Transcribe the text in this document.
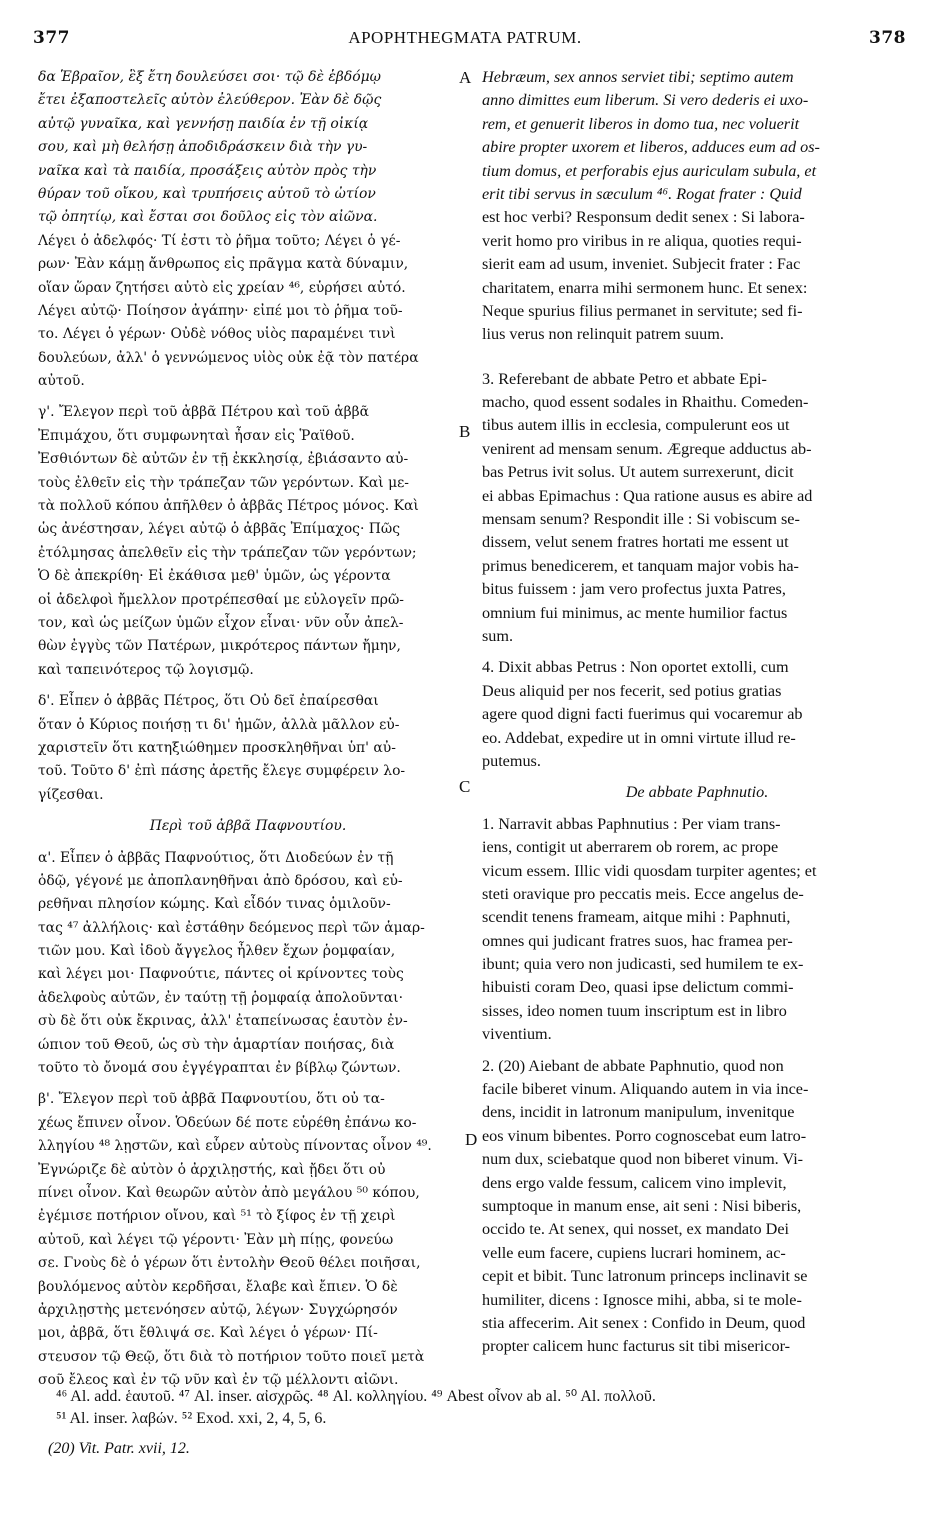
377	APOPHTHEGMATA PATRUM.	378
δα Ἑβραῖον, ἓξ ἔτη δουλεύσει σοι· τῷ δὲ ἑβδόμῳ
ἔτει ἐξαποστελεῖς αὐτὸν ἐλεύθερον. Ἐὰν δὲ δῷς
αὐτῷ γυναῖκα, καὶ γεννήσῃ παιδία ἐν τῇ οἰκίᾳ
σου, καὶ μὴ θελήσῃ ἀποδιδράσκειν διὰ τὴν γυ-
ναῖκα καὶ τὰ παιδία, προσάξεις αὐτὸν πρὸς τὴν
θύραν τοῦ οἴκου, καὶ τρυπήσεις αὐτοῦ τὸ ὠτίον
τῷ ὀπητίῳ, καὶ ἔσται σοι δοῦλος εἰς τὸν αἰῶνα.
Λέγει ὁ ἀδελφός· Τί ἐστι τὸ ῥῆμα τοῦτο; Λέγει ὁ γέ-
ρων· Ἐὰν κάμῃ ἄνθρωπος εἰς πρᾶγμα κατὰ δύναμιν,
οἵαν ὥραν ζητήσει αὐτὸ εἰς χρείαν ⁴⁶, εὑρήσει αὐτό.
Λέγει αὐτῷ· Ποίησον ἀγάπην· εἰπέ μοι τὸ ῥῆμα τοῦ-
το. Λέγει ὁ γέρων· Οὐδὲ νόθος υἱὸς παραμένει τινὶ
δουλεύων, ἀλλ' ὁ γεννώμενος υἱὸς οὐκ ἐᾷ τὸν πατέρα
αὐτοῦ.
γ'. Ἔλεγον περὶ τοῦ ἀββᾶ Πέτρου καὶ τοῦ ἀββᾶ
Ἐπιμάχου, ὅτι συμφωνηταὶ ἦσαν εἰς Ῥαϊθοῦ.
Ἐσθιόντων δὲ αὐτῶν ἐν τῇ ἐκκλησίᾳ, ἐβιάσαντο αὐ-
τοὺς ἐλθεῖν εἰς τὴν τράπεζαν τῶν γερόντων. Καὶ με-
τὰ πολλοῦ κόπου ἀπῆλθεν ὁ ἀββᾶς Πέτρος μόνος. Καὶ
ὡς ἀνέστησαν, λέγει αὐτῷ ὁ ἀββᾶς Ἐπίμαχος· Πῶς
ἐτόλμησας ἀπελθεῖν εἰς τὴν τράπεζαν τῶν γερόντων;
Ὁ δὲ ἀπεκρίθη· Εἰ ἐκάθισα μεθ' ὑμῶν, ὡς γέροντα
οἱ ἀδελφοὶ ἤμελλον προτρέπεσθαί με εὐλογεῖν πρῶ-
τον, καὶ ὡς μείζων ὑμῶν εἶχον εἶναι· νῦν οὖν ἀπελ-
θὼν ἐγγὺς τῶν Πατέρων, μικρότερος πάντων ἤμην,
καὶ ταπεινότερος τῷ λογισμῷ.
δ'. Εἶπεν ὁ ἀββᾶς Πέτρος, ὅτι Οὐ δεῖ ἐπαίρεσθαι
ὅταν ὁ Κύριος ποιήσῃ τι δι' ἡμῶν, ἀλλὰ μᾶλλον εὐ-
χαριστεῖν ὅτι κατηξιώθημεν προσκληθῆναι ὑπ' αὐ-
τοῦ. Τοῦτο δ' ἐπὶ πάσης ἀρετῆς ἔλεγε συμφέρειν λο-
γίζεσθαι.
Περὶ τοῦ ἀββᾶ Παφνουτίου.
α'. Εἶπεν ὁ ἀββᾶς Παφνούτιος, ὅτι Διοδεύων ἐν τῇ
ὁδῷ, γέγονέ με ἀποπλανηθῆναι ἀπὸ δρόσου, καὶ εὑ-
ρεθῆναι πλησίον κώμης. Καὶ εἶδόν τινας ὁμιλοῦν-
τας ⁴⁷ ἀλλήλοις· καὶ ἐστάθην δεόμενος περὶ τῶν ἁμαρ-
τιῶν μου. Καὶ ἰδοὺ ἄγγελος ἦλθεν ἔχων ῥομφαίαν,
καὶ λέγει μοι· Παφνούτιε, πάντες οἱ κρίνοντες τοὺς
ἀδελφοὺς αὐτῶν, ἐν ταύτῃ τῇ ῥομφαίᾳ ἀπολοῦνται·
σὺ δὲ ὅτι οὐκ ἔκρινας, ἀλλ' ἐταπείνωσας ἑαυτὸν ἐν-
ώπιον τοῦ Θεοῦ, ὡς σὺ τὴν ἁμαρτίαν ποιήσας, διὰ
τοῦτο τὸ ὄνομά σου ἐγγέγραπται ἐν βίβλῳ ζώντων.
β'. Ἔλεγον περὶ τοῦ ἀββᾶ Παφνουτίου, ὅτι οὐ τα-
χέως ἔπινεν οἶνον. Ὁδεύων δέ ποτε εὑρέθη ἐπάνω κο-
λληγίου ⁴⁸ λῃστῶν, καὶ εὗρεν αὐτοὺς πίνοντας οἶνον ⁴⁹.
Ἐγνώριζε δὲ αὐτὸν ὁ ἀρχιλῃστής, καὶ ᾔδει ὅτι οὐ
πίνει οἶνον. Καὶ θεωρῶν αὐτὸν ἀπὸ μεγάλου ⁵⁰ κόπου,
ἐγέμισε ποτήριον οἴνου, καὶ ⁵¹ τὸ ξίφος ἐν τῇ χειρὶ
αὐτοῦ, καὶ λέγει τῷ γέροντι· Ἐὰν μὴ πίῃς, φονεύω
σε. Γνοὺς δὲ ὁ γέρων ὅτι ἐντολὴν Θεοῦ θέλει ποιῆσαι,
βουλόμενος αὐτὸν κερδῆσαι, ἔλαβε καὶ ἔπιεν. Ὁ δὲ
ἀρχιλῃστὴς μετενόησεν αὐτῷ, λέγων· Συγχώρησόν
μοι, ἀββᾶ, ὅτι ἔθλιψά σε. Καὶ λέγει ὁ γέρων· Πί-
στευσον τῷ Θεῷ, ὅτι διὰ τὸ ποτήριον τοῦτο ποιεῖ μετὰ
σοῦ ἔλεος καὶ ἐν τῷ νῦν καὶ ἐν τῷ μέλλοντι αἰῶνι.
Hebræum, sex annos serviet tibi; septimo autem
anno dimittes eum liberum. Si vero dederis ei uxo-
rem, et genuerit liberos in domo tua, nec voluerit
abire propter uxorem et liberos, adduces eum ad os-
tium domus, et perforabis ejus auriculam subula, et
erit tibi servus in sæculum ⁴⁶. Rogat frater : Quid
est hoc verbi? Responsum dedit senex : Si labora-
verit homo pro viribus in re aliqua, quoties requi-
sierit eam ad usum, inveniet. Subjecit frater : Fac
charitatem, enarra mihi sermonem hunc. Et senex:
Neque spurius filius permanet in servitute; sed fi-
lius verus non relinquit patrem suum.
3. Referebant de abbate Petro et abbate Epi-
macho, quod essent sodales in Rhaithu. Comeden-
tibus autem illis in ecclesia, compulerunt eos ut
venirent ad mensam senum. Ægreque adductus ab-
bas Petrus ivit solus. Ut autem surrexerunt, dicit
ei abbas Epimachus : Qua ratione ausus es abire ad
mensam senum? Respondit ille : Si vobiscum se-
dissem, velut senem fratres hortati me essent ut
primus benedicerem, et tanquam major vobis ha-
bitus fuissem : jam vero profectus juxta Patres,
omnium fui minimus, ac mente humilior factus
sum.
4. Dixit abbas Petrus : Non oportet extolli, cum
Deus aliquid per nos fecerit, sed potius gratias
agere quod digni facti fuerimus qui vocaremur ab
eo. Addebat, expedire ut in omni virtute illud re-
putemus.
De abbate Paphnutio.
1. Narravit abbas Paphnutius : Per viam trans-
iens, contigit ut aberrarem ob rorem, ac prope
vicum essem. Illic vidi quosdam turpiter agentes; et
steti oravique pro peccatis meis. Ecce angelus de-
scendit tenens frameam, aitque mihi : Paphnuti,
omnes qui judicant fratres suos, hac framea per-
ibunt; quia vero non judicasti, sed humilem te ex-
hibuisti coram Deo, quasi ipse delictum commi-
sisses, ideo nomen tuum inscriptum est in libro
viventium.
2. (20) Aiebant de abbate Paphnutio, quod non
facile biberet vinum. Aliquando autem in via ince-
dens, incidit in latronum manipulum, invenitque
eos vinum bibentes. Porro cognoscebat eum latro-
num dux, sciebatque quod non biberet vinum. Vi-
dens ergo valde fessum, calicem vino implevit,
sumptoque in manum ense, ait seni : Nisi biberis,
occido te. At senex, qui nosset, ex mandato Dei
velle eum facere, cupiens lucrari hominem, ac-
cepit et bibit. Tunc latronum princeps inclinavit se
humiliter, dicens : Ignosce mihi, abba, si te mole-
stia affecerim. Ait senex : Confido in Deum, quod
propter calicem hunc facturus sit tibi misericor-
A
B
C
D
⁴⁶ Al. add. ἑαυτοῦ. ⁴⁷ Al. inser. αἰσχρῶς. ⁴⁸ Al. κολληγίου. ⁴⁹ Abest οἶνον ab al. ⁵⁰ Al. πολλοῦ.
⁵¹ Al. inser. λαβών. ⁵² Exod. xxi, 2, 4, 5, 6.
(20) Vit. Patr. xvii, 12.
